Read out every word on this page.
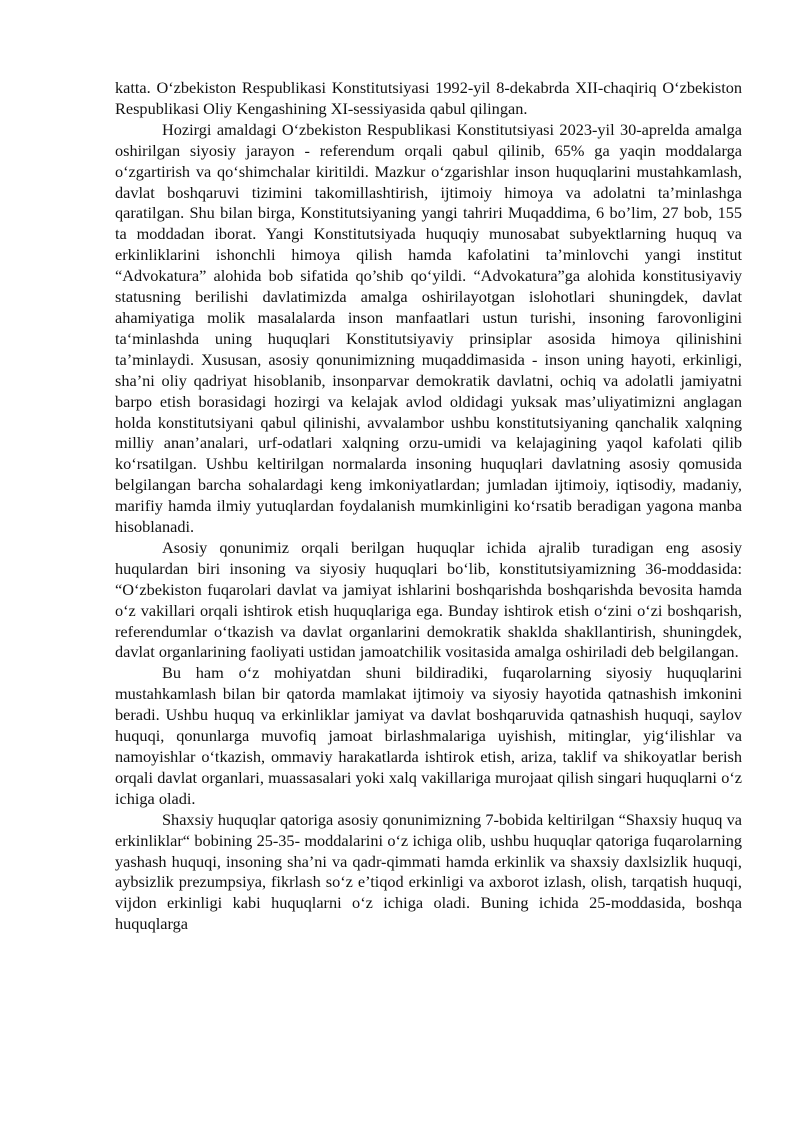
katta. O‘zbekiston Respublikasi Konstitutsiyasi 1992-yil 8-dekabrda XII-chaqiriq O‘zbekiston Respublikasi Oliy Kengashining XI-sessiyasida qabul qilingan.

Hozirgi amaldagi O‘zbekiston Respublikasi Konstitutsiyasi 2023-yil 30-aprelda amalga oshirilgan siyosiy jarayon - referendum orqali qabul qilinib, 65% ga yaqin moddalarga o‘zgartirish va qo‘shimchalar kiritildi. Mazkur o‘zgarishlar inson huquqlarini mustahkamlash, davlat boshqaruvi tizimini takomillashtirish, ijtimoiy himoya va adolatni ta’minlashga qaratilgan. Shu bilan birga, Konstitutsiyaning yangi tahriri Muqaddima, 6 bo’lim, 27 bob, 155 ta moddadan iborat. Yangi Konstitutsiyada huquqiy munosabat subyektlarning huquq va erkinliklarini ishonchli himoya qilish hamda kafolatini ta’minlovchi yangi institut “Advokatura” alohida bob sifatida qo’shib qo‘yildi. “Advokatura”ga alohida konstitusiyaviy statusning berilishi davlatimizda amalga oshirilayotgan islohotlari shuningdek, davlat ahamiyatiga molik masalalarda inson manfaatlari ustun turishi, insoning farovonligini ta‘minlashda uning huquqlari Konstitutsiyaviy prinsiplar asosida himoya qilinishini ta’minlaydi. Xususan, asosiy qonunimizning muqaddimasida - inson uning hayoti, erkinligi, sha’ni oliy qadriyat hisoblanib, insonparvar demokratik davlatni, ochiq va adolatli jamiyatni barpo etish borasidagi hozirgi va kelajak avlod oldidagi yuksak mas’uliyatimizni anglagan holda konstitutsiyani qabul qilinishi, avvalambor ushbu konstitutsiyaning qanchalik xalqning milliy anan’analari, urf-odatlari xalqning orzu-umidi va kelajagining yaqol kafolati qilib ko‘rsatilgan. Ushbu keltirilgan normalarda insoning huquqlari davlatning asosiy qomusida belgilangan barcha sohalardagi keng imkoniyatlardan; jumladan ijtimoiy, iqtisodiy, madaniy, marifiy hamda ilmiy yutuqlardan foydalanish mumkinligini ko‘rsatib beradigan yagona manba hisoblanadi.

Asosiy qonunimiz orqali berilgan huquqlar ichida ajralib turadigan eng asosiy huqulardan biri insoning va siyosiy huquqlari bo‘lib, konstitutsiyamizning 36-moddasida: “O‘zbekiston fuqarolari davlat va jamiyat ishlarini boshqarishda boshqarishda bevosita hamda o‘z vakillari orqali ishtirok etish huquqlariga ega. Bunday ishtirok etish o‘zini o‘zi boshqarish, referendumlar o‘tkazish va davlat organlarini demokratik shaklda shakllantirish, shuningdek, davlat organlarining faoliyati ustidan jamoatchilik vositasida amalga oshiriladi deb belgilangan.

Bu ham o‘z mohiyatdan shuni bildiradiki, fuqarolarning siyosiy huquqlarini mustahkamlash bilan bir qatorda mamlakat ijtimoiy va siyosiy hayotida qatnashish imkonini beradi. Ushbu huquq va erkinliklar jamiyat va davlat boshqaruvida qatnashish huquqi, saylov huquqi, qonunlarga muvofiq jamoat birlashmalariga uyishish, mitinglar, yig‘ilishlar va namoyishlar o‘tkazish, ommaviy harakatlarda ishtirok etish, ariza, taklif va shikoyatlar berish orqali davlat organlari, muassasalari yoki xalq vakillariga murojaat qilish singari huquqlarni o‘z ichiga oladi.

Shaxsiy huquqlar qatoriga asosiy qonunimizning 7-bobida keltirilgan “Shaxsiy huquq va erkinliklar“ bobining 25-35- moddalarini o‘z ichiga olib, ushbu huquqlar qatoriga fuqarolarning yashash huquqi, insoning sha’ni va qadr-qimmati hamda erkinlik va shaxsiy daxlsizlik huquqi, aybsizlik prezumpsiya, fikrlash so‘z e’tiqod erkinligi va axborot izlash, olish, tarqatish huquqi, vijdon erkinligi kabi huquqlarni o‘z ichiga oladi. Buning ichida 25-moddasida, boshqa huquqlarga
